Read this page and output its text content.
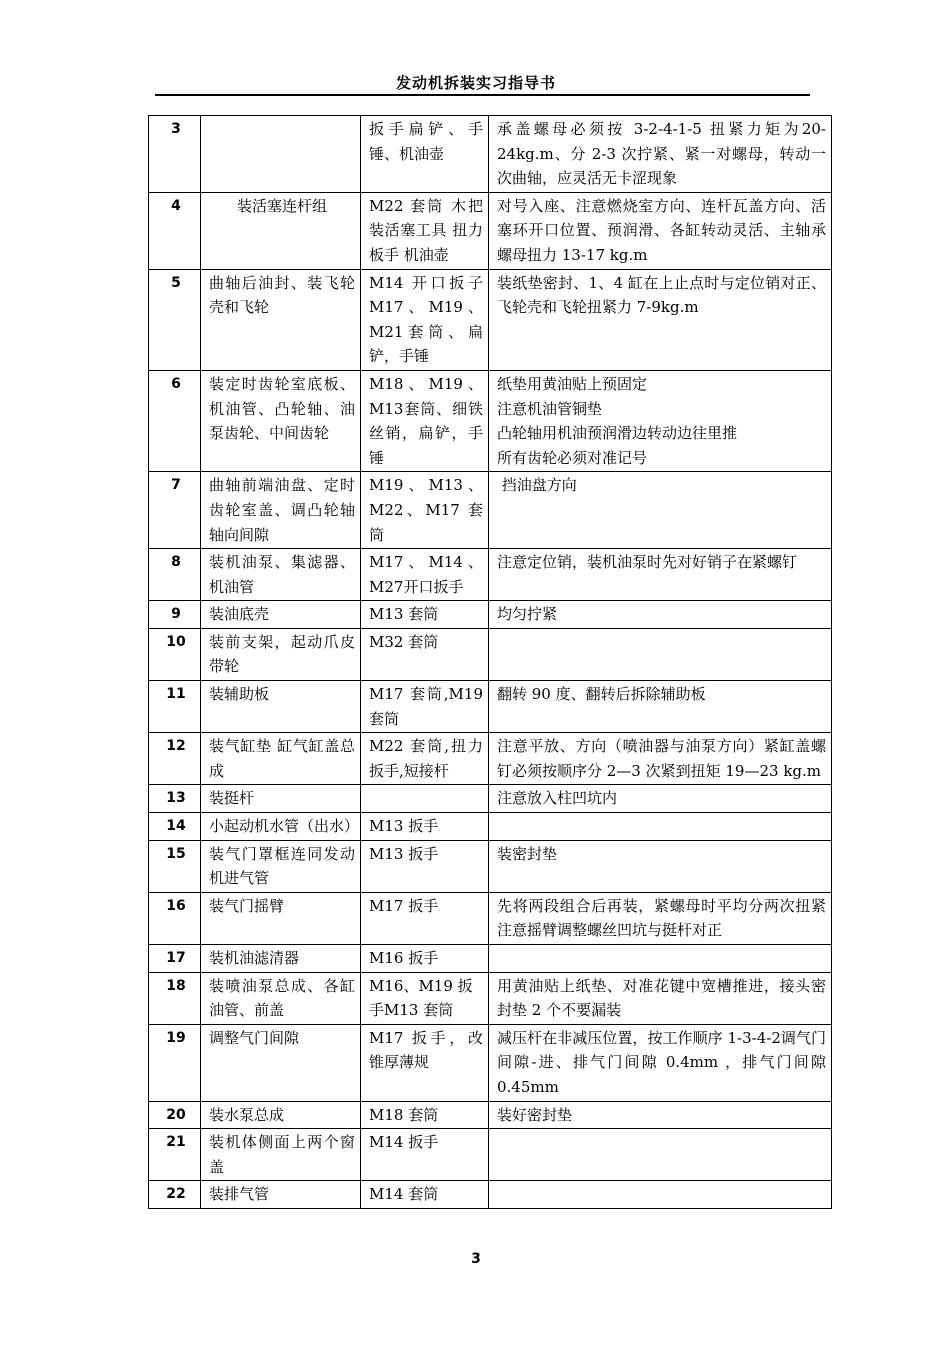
发动机拆装实习指导书
3		扳手扁铲、手锤、机油壶	承盖螺母必须按 3-2-4-1-5 扭紧力矩为20-24kg.m、分 2-3 次拧紧、紧一对螺母，转动一次曲轴，应灵活无卡涩现象
4	装活塞连杆组	M22 套筒 木把装活塞工具 扭力板手 机油壶	对号入座、注意燃烧室方向、连杆瓦盖方向、活塞环开口位置、预润滑、各缸转动灵活、主轴承螺母扭力 13-17 kg.m
5	曲轴后油封、装飞轮壳和飞轮	M14 开口扳子M17、M19、M21套筒、扁铲，手锤	装纸垫密封、1、4 缸在上止点时与定位销对正、飞轮壳和飞轮扭紧力 7-9kg.m
6	装定时齿轮室底板、机油管、凸轮轴、油泵齿轮、中间齿轮	M18、M19、M13套筒、细铁丝销，扁铲，手锤	纸垫用黄油贴上预固定
注意机油管铜垫
凸轮轴用机油预润滑边转动边往里推
所有齿轮必须对准记号
7	曲轴前端油盘、定时齿轮室盖、调凸轮轴轴向间隙	M19、M13、M22、M17 套筒	挡油盘方向
8	装机油泵、集滤器、机油管	M17、M14、M27开口扳手	注意定位销，装机油泵时先对好销子在紧螺钉
9	装油底壳	M13 套筒	均匀拧紧
10	装前支架，起动爪皮带轮	M32 套筒	
11	装辅助板	M17 套筒,M19套筒	翻转 90 度、翻转后拆除辅助板
12	装气缸垫 缸气缸盖总成	M22 套筒,扭力扳手,短接杆	注意平放、方向（喷油器与油泵方向）紧缸盖螺钉必须按顺序分 2—3 次紧到扭矩 19—23 kg.m
13	装挺杆		注意放入柱凹坑内
14	小起动机水管（出水）	M13 扳手	
15	装气门罩框连同发动机进气管	M13 扳手	装密封垫
16	装气门摇臂	M17 扳手	先将两段组合后再装，紧螺母时平均分两次扭紧注意摇臂调整螺丝凹坑与挺杆对正
17	装机油滤清器	M16 扳手	
18	装喷油泵总成、各缸油管、前盖	M16、M19 扳手M13 套筒	用黄油贴上纸垫、对准花键中宽槽推进，接头密封垫 2 个不要漏装
19	调整气门间隙	M17 扳手，改锥厚薄规	减压杆在非减压位置，按工作顺序 1-3-4-2调气门间隙-进、排气门间隙 0.4mm ，排气门间隙 0.45mm
20	装水泵总成	M18 套筒	装好密封垫
21	装机体侧面上两个窗盖	M14 扳手	
22	装排气管	M14 套筒	
3
